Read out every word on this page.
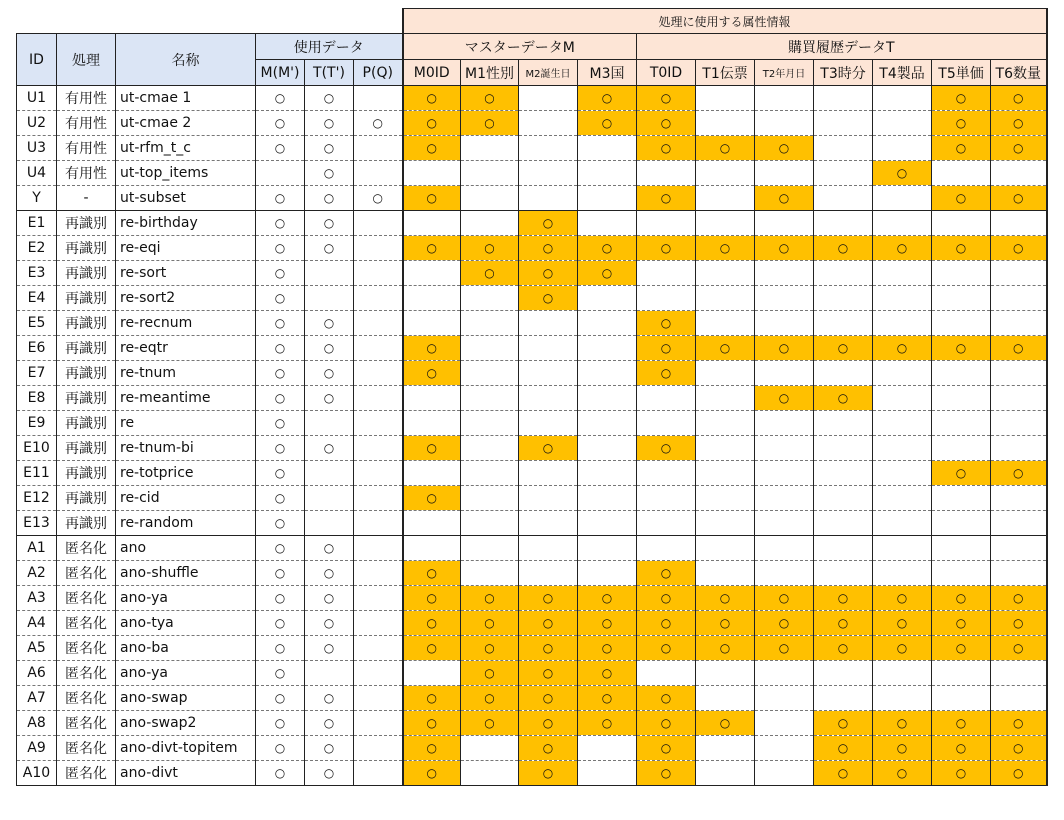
						処理に使用する属性情報										
ID	処理	名称	使用データ			マスターデータM				購買履歴データT						
			M(M')	T(T')	P(Q)	M0ID	M1性別	M2誕生日	M3国	T0ID	T1伝票	T2年月日	T3時分	T4製品	T5単価	T6数量
U1	有用性	ut-cmae 1	○	○		○	○		○	○					○	○
U2	有用性	ut-cmae 2	○	○	○	○	○		○	○					○	○
U3	有用性	ut-rfm_t_c	○	○		○				○	○	○			○	○
U4	有用性	ut-top_items		○										○		
Y	-	ut-subset	○	○	○	○				○		○			○	○
E1	再識別	re-birthday	○	○				○								
E2	再識別	re-eqi	○	○		○	○	○	○	○	○	○	○	○	○	○
E3	再識別	re-sort	○				○	○	○							
E4	再識別	re-sort2	○					○								
E5	再識別	re-recnum	○	○						○						
E6	再識別	re-eqtr	○	○		○				○	○	○	○	○	○	○
E7	再識別	re-tnum	○	○		○				○						
E8	再識別	re-meantime	○	○								○	○			
E9	再識別	re	○													
E10	再識別	re-tnum-bi	○	○		○		○		○						
E11	再識別	re-totprice	○												○	○
E12	再識別	re-cid	○			○										
E13	再識別	re-random	○													
A1	匿名化	ano	○	○												
A2	匿名化	ano-shuffle	○	○		○				○						
A3	匿名化	ano-ya	○	○		○	○	○	○	○	○	○	○	○	○	○
A4	匿名化	ano-tya	○	○		○	○	○	○	○	○	○	○	○	○	○
A5	匿名化	ano-ba	○	○		○	○	○	○	○	○	○	○	○	○	○
A6	匿名化	ano-ya	○				○	○	○							
A7	匿名化	ano-swap	○	○		○	○	○	○	○						
A8	匿名化	ano-swap2	○	○		○	○	○	○	○	○		○	○	○	○
A9	匿名化	ano-divt-topitem	○	○		○		○		○			○	○	○	○
A10	匿名化	ano-divt	○	○		○		○		○			○	○	○	○
